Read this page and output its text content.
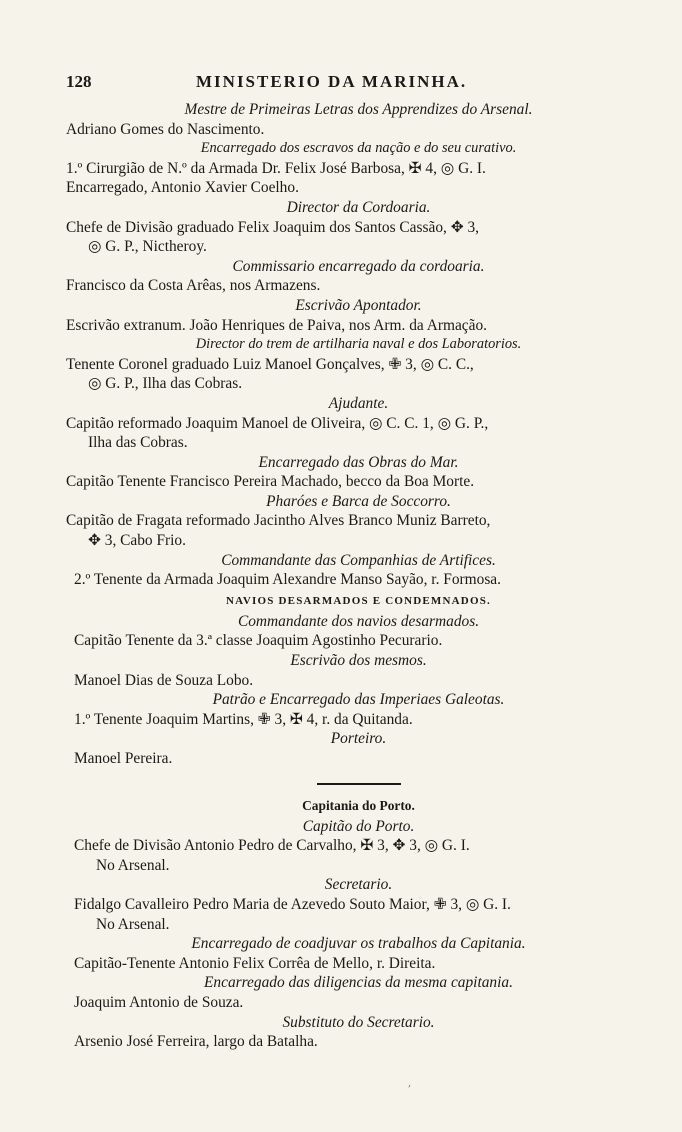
128	MINISTERIO DA MARINHA.
Mestre de Primeiras Letras dos Apprendizes do Arsenal.
Adriano Gomes do Nascimento.
Encarregado dos escravos da nação e do seu curativo.
1.º Cirurgião de N.º da Armada Dr. Felix José Barbosa, ✠ 4, ◎ G. I.
Encarregado, Antonio Xavier Coelho.
Director da Cordoaria.
Chefe de Divisão graduado Felix Joaquim dos Santos Cassão, ✥ 3,
◎ G. P., Nictheroy.
Commissario encarregado da cordoaria.
Francisco da Costa Arêas, nos Armazens.
Escrivão Apontador.
Escrivão extranum. João Henriques de Paiva, nos Arm. da Armação.
Director do trem de artilharia naval e dos Laboratorios.
Tenente Coronel graduado Luiz Manoel Gonçalves, ✙ 3, ◎ C. C.,
◎ G. P., Ilha das Cobras.
Ajudante.
Capitão reformado Joaquim Manoel de Oliveira, ◎ C. C. 1, ◎ G. P.,
Ilha das Cobras.
Encarregado das Obras do Mar.
Capitão Tenente Francisco Pereira Machado, becco da Boa Morte.
Pharóes e Barca de Soccorro.
Capitão de Fragata reformado Jacintho Alves Branco Muniz Barreto,
✥ 3, Cabo Frio.
Commandante das Companhias de Artifices.
2.º Tenente da Armada Joaquim Alexandre Manso Sayão, r. Formosa.
NAVIOS DESARMADOS E CONDEMNADOS.
Commandante dos navios desarmados.
Capitão Tenente da 3.ª classe Joaquim Agostinho Pecurario.
Escrivão dos mesmos.
Manoel Dias de Souza Lobo.
Patrão e Encarregado das Imperiaes Galeotas.
1.º Tenente Joaquim Martins, ✙ 3, ✠ 4, r. da Quitanda.
Porteiro.
Manoel Pereira.
Capitania do Porto.
Capitão do Porto.
Chefe de Divisão Antonio Pedro de Carvalho, ✠ 3, ✥ 3, ◎ G. I.
No Arsenal.
Secretario.
Fidalgo Cavalleiro Pedro Maria de Azevedo Souto Maior, ✙ 3, ◎ G. I.
No Arsenal.
Encarregado de coadjuvar os trabalhos da Capitania.
Capitão-Tenente Antonio Felix Corrêa de Mello, r. Direita.
Encarregado das diligencias da mesma capitania.
Joaquim Antonio de Souza.
Substituto do Secretario.
Arsenio José Ferreira, largo da Batalha.
,
